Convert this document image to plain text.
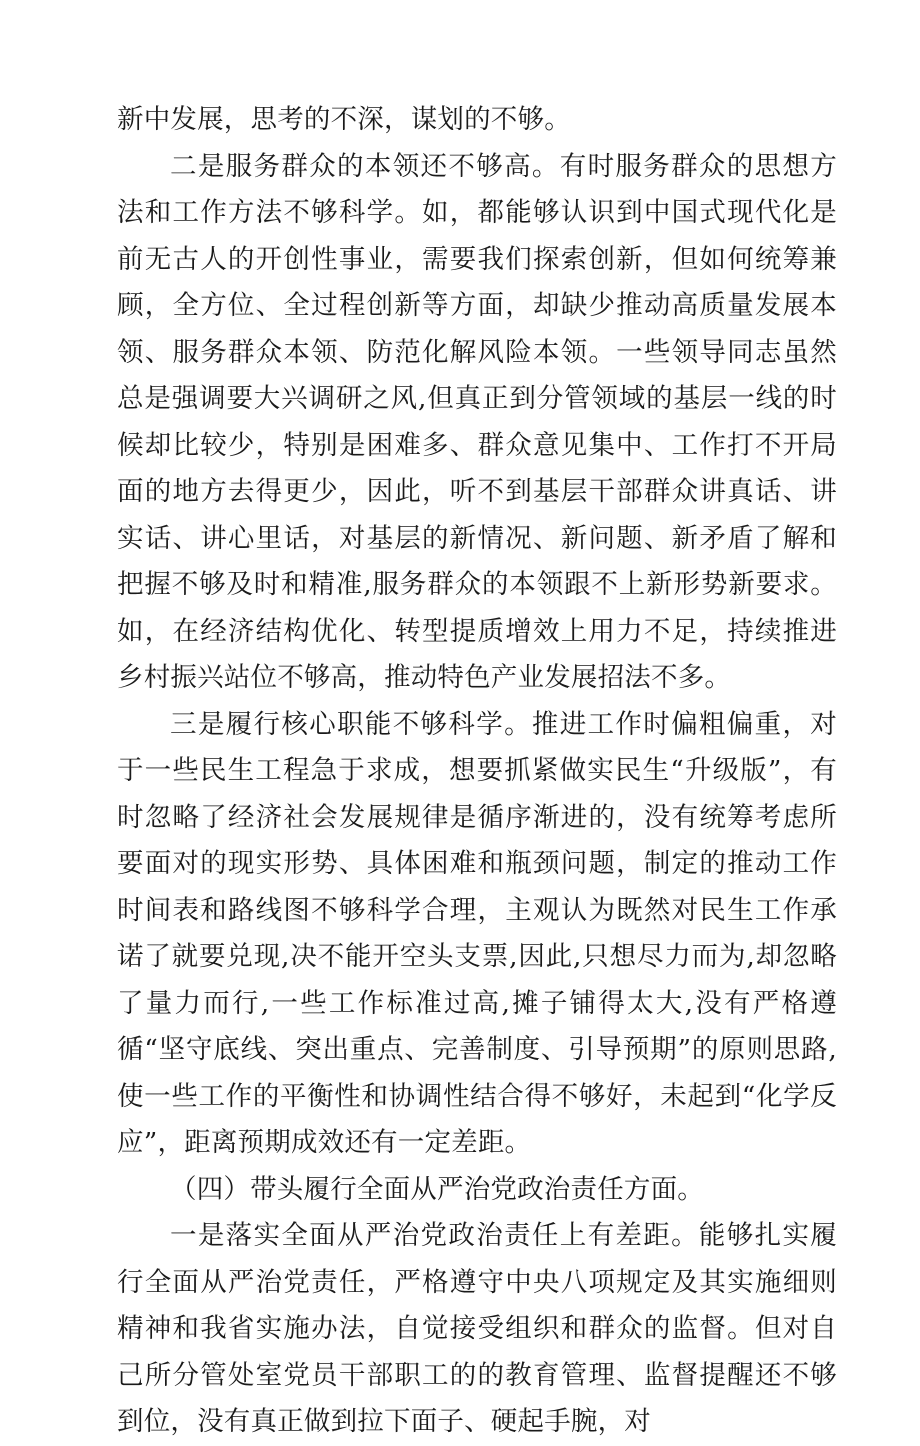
新中发展，思考的不深，谋划的不够。

二是服务群众的本领还不够高。有时服务群众的思想方法和工作方法不够科学。如，都能够认识到中国式现代化是前无古人的开创性事业，需要我们探索创新，但如何统筹兼顾，全方位、全过程创新等方面，却缺少推动高质量发展本领、服务群众本领、防范化解风险本领。一些领导同志虽然总是强调要大兴调研之风,但真正到分管领域的基层一线的时候却比较少，特别是困难多、群众意见集中、工作打不开局面的地方去得更少，因此，听不到基层干部群众讲真话、讲实话、讲心里话，对基层的新情况、新问题、新矛盾了解和把握不够及时和精准,服务群众的本领跟不上新形势新要求。如，在经济结构优化、转型提质增效上用力不足，持续推进乡村振兴站位不够高，推动特色产业发展招法不多。

三是履行核心职能不够科学。推进工作时偏粗偏重，对于一些民生工程急于求成，想要抓紧做实民生“升级版”，有时忽略了经济社会发展规律是循序渐进的，没有统筹考虑所要面对的现实形势、具体困难和瓶颈问题，制定的推动工作时间表和路线图不够科学合理，主观认为既然对民生工作承诺了就要兑现,决不能开空头支票,因此,只想尽力而为,却忽略了量力而行,一些工作标准过高,摊子铺得太大,没有严格遵循“坚守底线、突出重点、完善制度、引导预期”的原则思路,使一些工作的平衡性和协调性结合得不够好，未起到“化学反应”，距离预期成效还有一定差距。

（四）带头履行全面从严治党政治责任方面。

一是落实全面从严治党政治责任上有差距。能够扎实履行全面从严治党责任，严格遵守中央八项规定及其实施细则精神和我省实施办法，自觉接受组织和群众的监督。但对自己所分管处室党员干部职工的的教育管理、监督提醒还不够到位，没有真正做到拉下面子、硬起手腕，对
